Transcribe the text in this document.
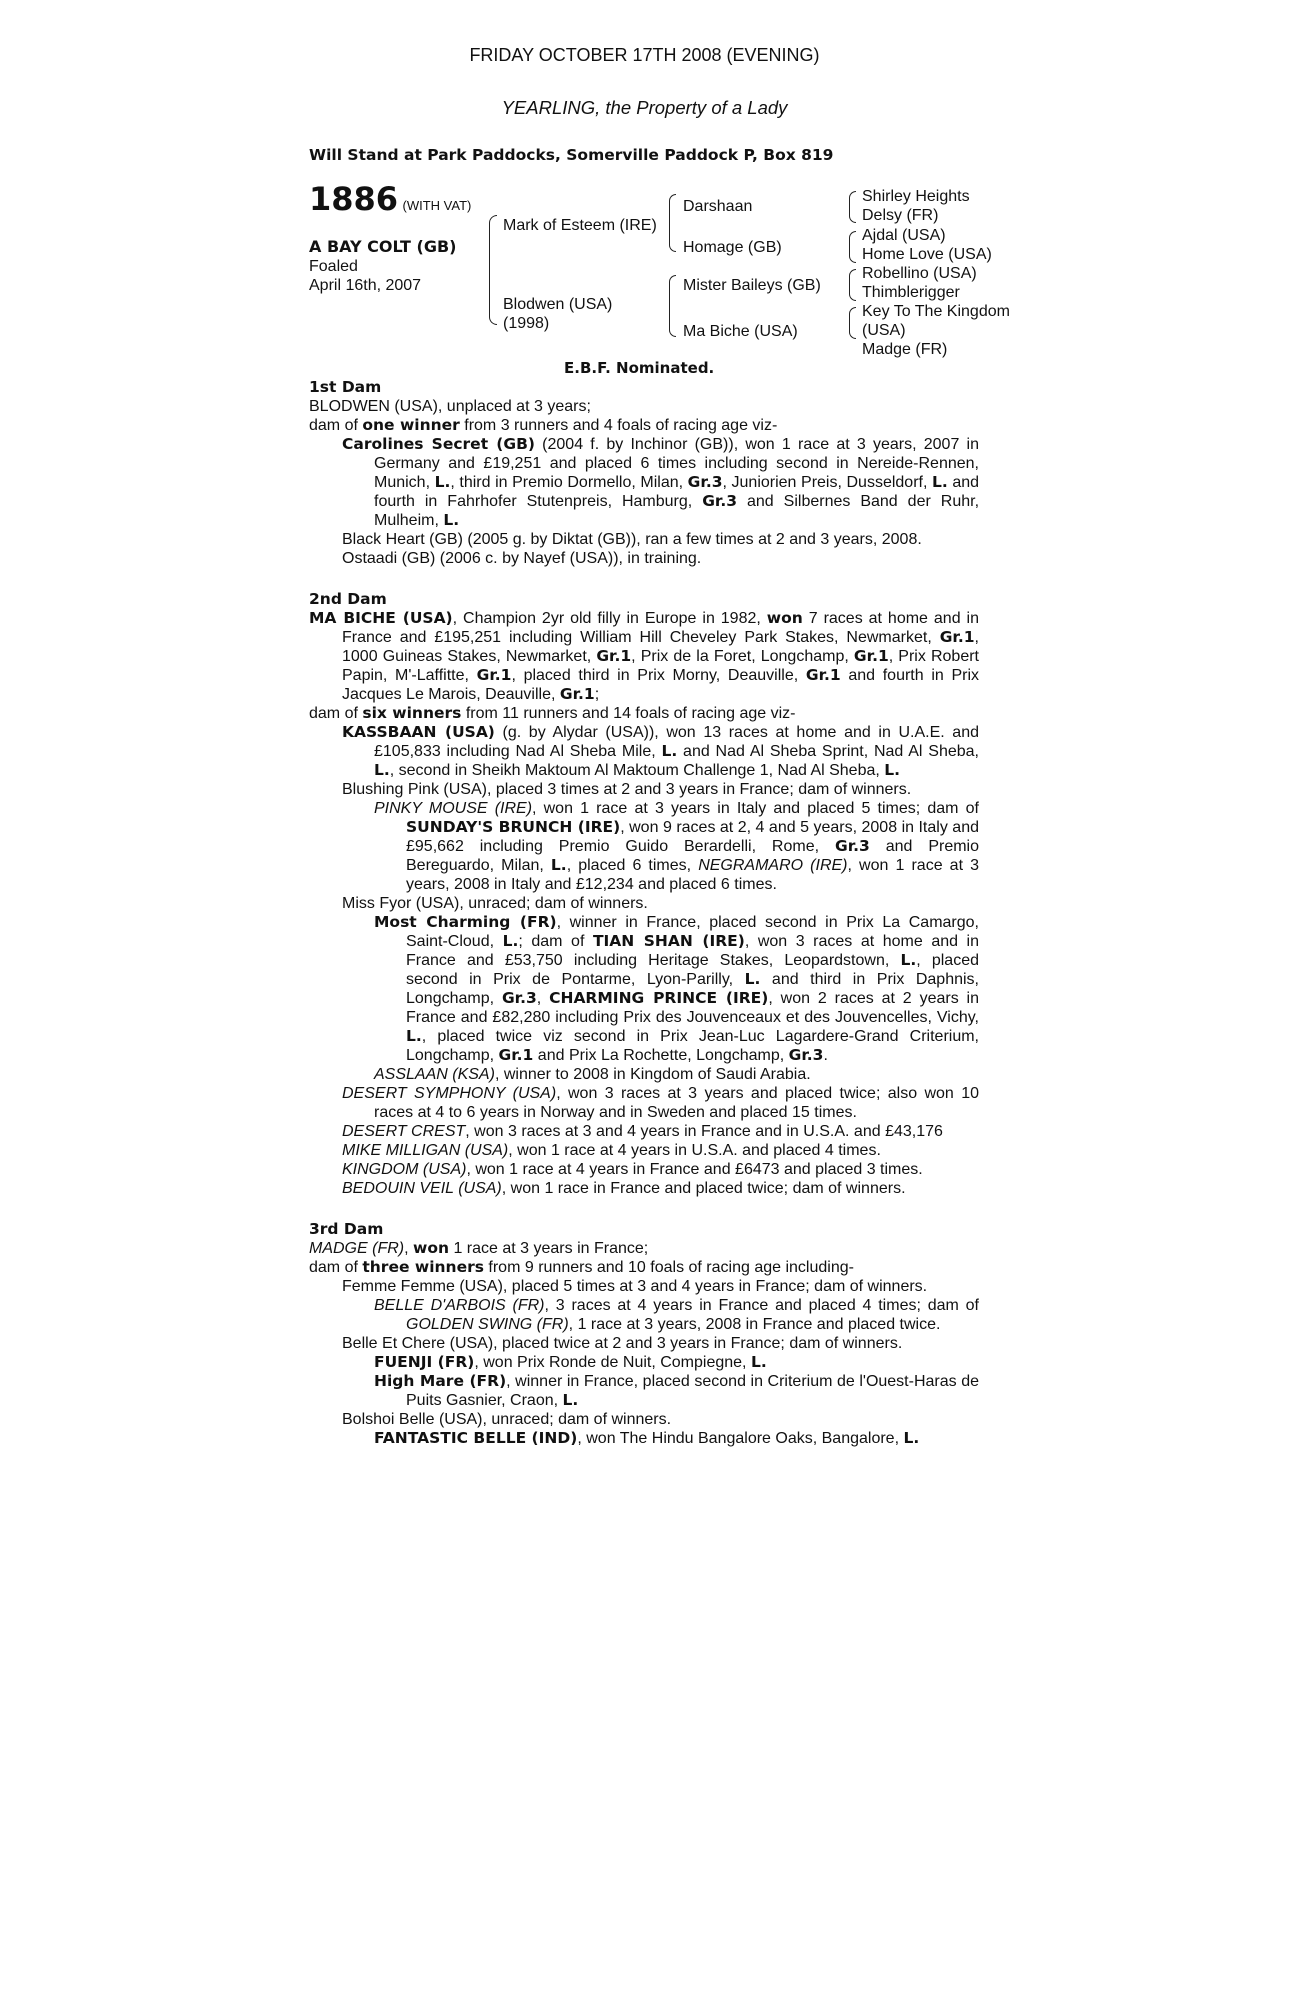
FRIDAY OCTOBER 17TH 2008 (EVENING)
YEARLING, the Property of a Lady
Will Stand at Park Paddocks, Somerville Paddock P, Box 819
1886 (WITH VAT)
A BAY COLT (GB)
Foaled
April 16th, 2007
Mark of Esteem (IRE)
Blodwen (USA)
(1998)
Darshaan
Homage (GB)
Mister Baileys (GB)
Ma Biche (USA)
Shirley Heights
Delsy (FR)
Ajdal (USA)
Home Love (USA)
Robellino (USA)
Thimblerigger
Key To The Kingdom
(USA)
Madge (FR)
E.B.F. Nominated.

1st Dam

BLODWEN (USA), unplaced at 3 years;

dam of one winner from 3 runners and 4 foals of racing age viz-

Carolines Secret (GB) (2004 f. by Inchinor (GB)), won 1 race at 3 years, 2007 in Germany and £19,251 and placed 6 times including second in Nereide-Rennen, Munich, L., third in Premio Dormello, Milan, Gr.3, Juniorien Preis, Dusseldorf, L. and fourth in Fahrhofer Stutenpreis, Hamburg, Gr.3 and Silbernes Band der Ruhr, Mulheim, L.

Black Heart (GB) (2005 g. by Diktat (GB)), ran a few times at 2 and 3 years, 2008.

Ostaadi (GB) (2006 c. by Nayef (USA)), in training.

2nd Dam

MA BICHE (USA), Champion 2yr old filly in Europe in 1982, won 7 races at home and in France and £195,251 including William Hill Cheveley Park Stakes, Newmarket, Gr.1, 1000 Guineas Stakes, Newmarket, Gr.1, Prix de la Foret, Longchamp, Gr.1, Prix Robert Papin, M'-Laffitte, Gr.1, placed third in Prix Morny, Deauville, Gr.1 and fourth in Prix Jacques Le Marois, Deauville, Gr.1;

dam of six winners from 11 runners and 14 foals of racing age viz-

KASSBAAN (USA) (g. by Alydar (USA)), won 13 races at home and in U.A.E. and £105,833 including Nad Al Sheba Mile, L. and Nad Al Sheba Sprint, Nad Al Sheba, L., second in Sheikh Maktoum Al Maktoum Challenge 1, Nad Al Sheba, L.

Blushing Pink (USA), placed 3 times at 2 and 3 years in France; dam of winners.

PINKY MOUSE (IRE), won 1 race at 3 years in Italy and placed 5 times; dam of SUNDAY'S BRUNCH (IRE), won 9 races at 2, 4 and 5 years, 2008 in Italy and £95,662 including Premio Guido Berardelli, Rome, Gr.3 and Premio Bereguardo, Milan, L., placed 6 times, NEGRAMARO (IRE), won 1 race at 3 years, 2008 in Italy and £12,234 and placed 6 times.

Miss Fyor (USA), unraced; dam of winners.

Most Charming (FR), winner in France, placed second in Prix La Camargo, Saint-Cloud, L.; dam of TIAN SHAN (IRE), won 3 races at home and in France and £53,750 including Heritage Stakes, Leopardstown, L., placed second in Prix de Pontarme, Lyon-Parilly, L. and third in Prix Daphnis, Longchamp, Gr.3, CHARMING PRINCE (IRE), won 2 races at 2 years in France and £82,280 including Prix des Jouvenceaux et des Jouvencelles, Vichy, L., placed twice viz second in Prix Jean-Luc Lagardere-Grand Criterium, Longchamp, Gr.1 and Prix La Rochette, Longchamp, Gr.3.

ASSLAAN (KSA), winner to 2008 in Kingdom of Saudi Arabia.

DESERT SYMPHONY (USA), won 3 races at 3 years and placed twice; also won 10 races at 4 to 6 years in Norway and in Sweden and placed 15 times.

DESERT CREST, won 3 races at 3 and 4 years in France and in U.S.A. and £43,176

MIKE MILLIGAN (USA), won 1 race at 4 years in U.S.A. and placed 4 times.

KINGDOM (USA), won 1 race at 4 years in France and £6473 and placed 3 times.

BEDOUIN VEIL (USA), won 1 race in France and placed twice; dam of winners.

3rd Dam

MADGE (FR), won 1 race at 3 years in France;

dam of three winners from 9 runners and 10 foals of racing age including-

Femme Femme (USA), placed 5 times at 3 and 4 years in France; dam of winners.

BELLE D'ARBOIS (FR), 3 races at 4 years in France and placed 4 times; dam of GOLDEN SWING (FR), 1 race at 3 years, 2008 in France and placed twice.

Belle Et Chere (USA), placed twice at 2 and 3 years in France; dam of winners.

FUENJI (FR), won Prix Ronde de Nuit, Compiegne, L.

High Mare (FR), winner in France, placed second in Criterium de l'Ouest-Haras de Puits Gasnier, Craon, L.

Bolshoi Belle (USA), unraced; dam of winners.

FANTASTIC BELLE (IND), won The Hindu Bangalore Oaks, Bangalore, L.
